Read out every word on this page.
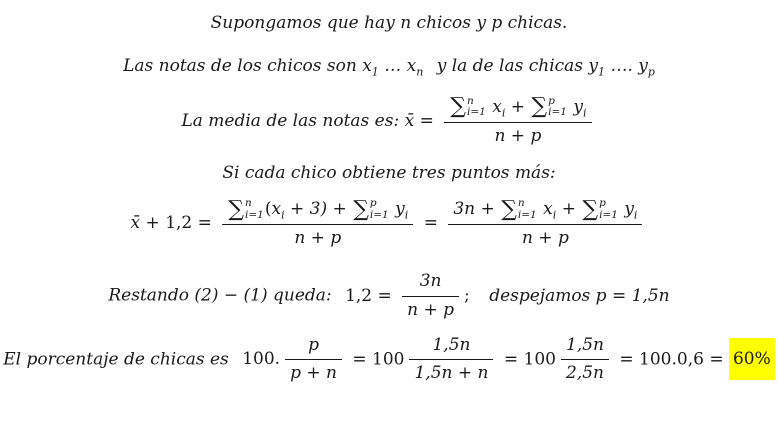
Supongamos que hay n chicos y p chicas.

Las notas de los chicos son $x_1$ … $x_n$ y la de las chicas $y_1$ …. $y_p$

La media de las notas es: x̄ = ∑ n
i=1 $x_i$ + ∑ p
i=1 $y_i$
n + p

Si cada chico obtiene tres puntos más:

x̄ + 1,2 = ∑ n
i=1 $(x_i + 3)$ + ∑ p
i=1 $y_i$
n + p =
3n + ∑ n
i=1 $x_i$ + ∑ p
i=1 $y_i$
n + p

Restando (2) − (1) queda: $1,2 = \frac{3n}{n + p}$ ; despejamos p = 1,5n

El porcentaje de chicas es 100. $\frac{p}{p + n} = 100 \frac{1,5n}{1,5n + n} = 100 \frac{1,5n}{2,5n} = 100.0,6 = 60\%$
